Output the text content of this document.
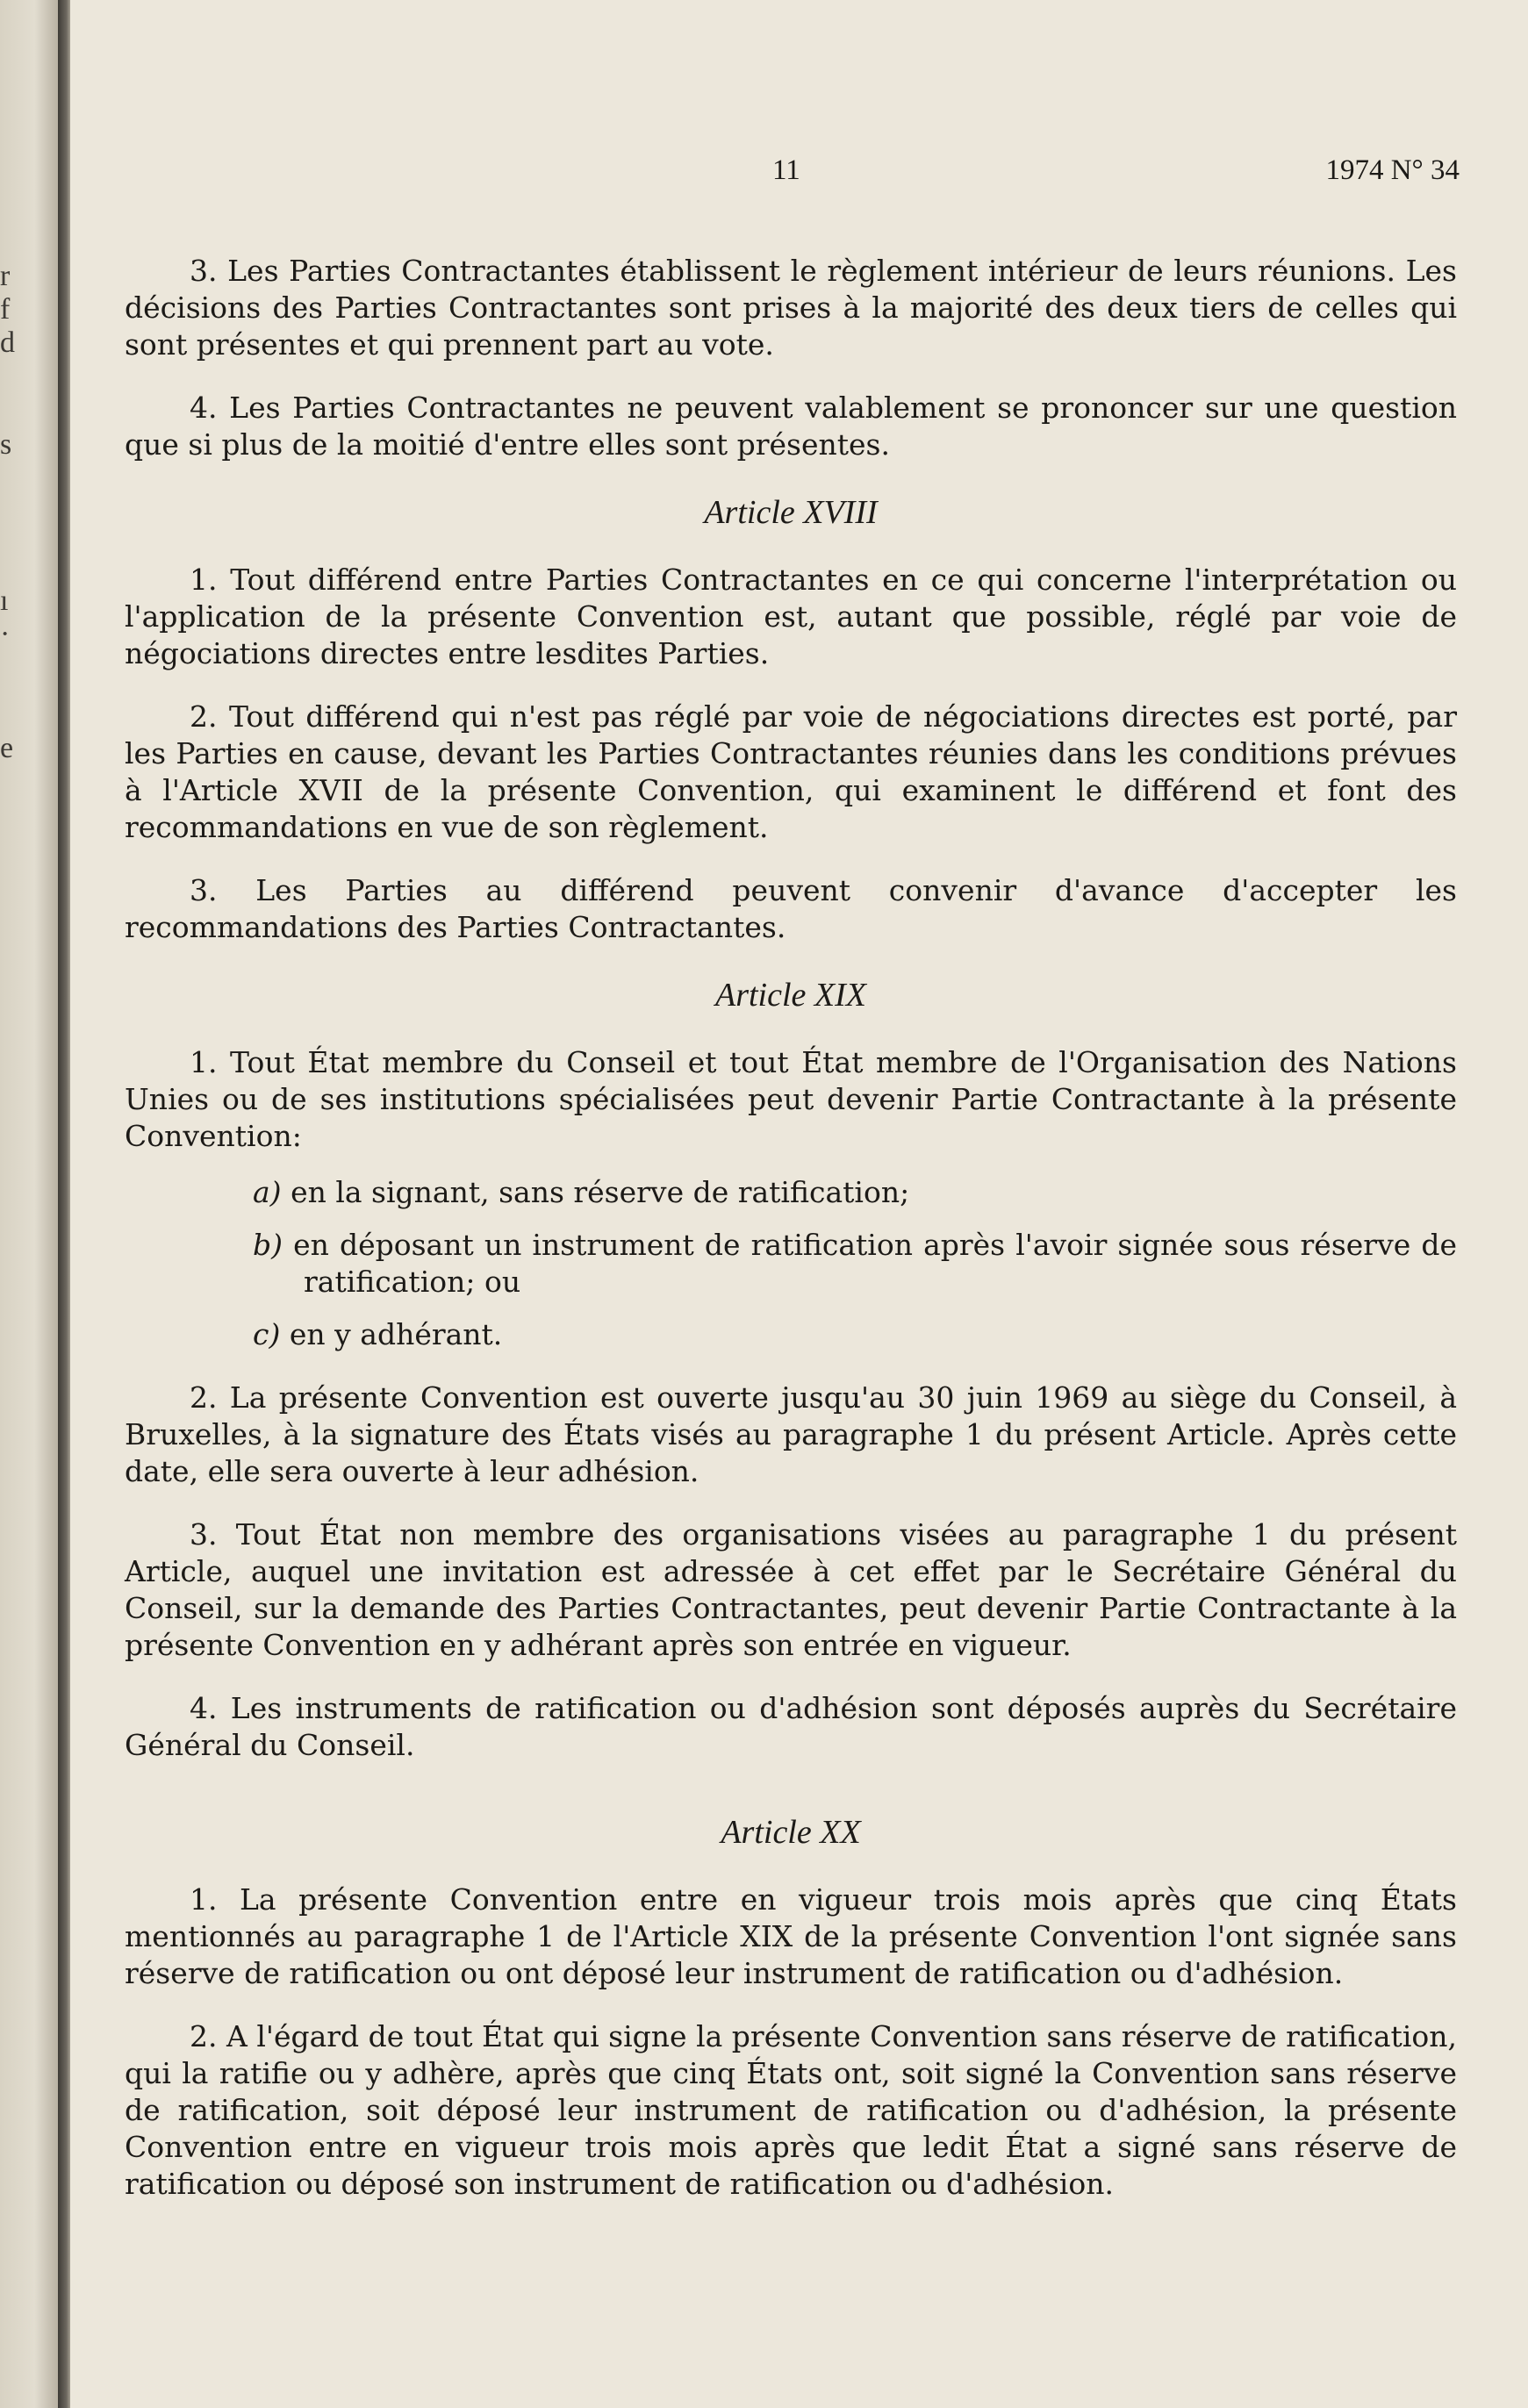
r
f
d
s
ı
·
e
11	1974 N° 34

3. Les Parties Contractantes établissent le règlement intérieur de leurs réunions. Les décisions des Parties Contractantes sont prises à la majorité des deux tiers de celles qui sont présentes et qui prennent part au vote.

4. Les Parties Contractantes ne peuvent valablement se prononcer sur une question que si plus de la moitié d'entre elles sont présentes.

Article XVIII

1. Tout différend entre Parties Contractantes en ce qui concerne l'interprétation ou l'application de la présente Convention est, autant que possible, réglé par voie de négociations directes entre lesdites Parties.

2. Tout différend qui n'est pas réglé par voie de négociations directes est porté, par les Parties en cause, devant les Parties Contractantes réunies dans les conditions prévues à l'Article XVII de la présente Convention, qui examinent le différend et font des recommandations en vue de son règlement.

3. Les Parties au différend peuvent convenir d'avance d'accepter les recommandations des Parties Contractantes.

Article XIX

1. Tout État membre du Conseil et tout État membre de l'Organisation des Nations Unies ou de ses institutions spécialisées peut devenir Partie Contractante à la présente Convention:

a) en la signant, sans réserve de ratification;
b) en déposant un instrument de ratification après l'avoir signée sous réserve de ratification; ou
c) en y adhérant.

2. La présente Convention est ouverte jusqu'au 30 juin 1969 au siège du Conseil, à Bruxelles, à la signature des États visés au paragraphe 1 du présent Article. Après cette date, elle sera ouverte à leur adhésion.

3. Tout État non membre des organisations visées au paragraphe 1 du présent Article, auquel une invitation est adressée à cet effet par le Secrétaire Général du Conseil, sur la demande des Parties Contractantes, peut devenir Partie Contractante à la présente Convention en y adhérant après son entrée en vigueur.

4. Les instruments de ratification ou d'adhésion sont déposés auprès du Secrétaire Général du Conseil.

Article XX

1. La présente Convention entre en vigueur trois mois après que cinq États mentionnés au paragraphe 1 de l'Article XIX de la présente Convention l'ont signée sans réserve de ratification ou ont déposé leur instrument de ratification ou d'adhésion.

2. A l'égard de tout État qui signe la présente Convention sans réserve de ratification, qui la ratifie ou y adhère, après que cinq États ont, soit signé la Convention sans réserve de ratification, soit déposé leur instrument de ratification ou d'adhésion, la présente Convention entre en vigueur trois mois après que ledit État a signé sans réserve de ratification ou déposé son instrument de ratification ou d'adhésion.
